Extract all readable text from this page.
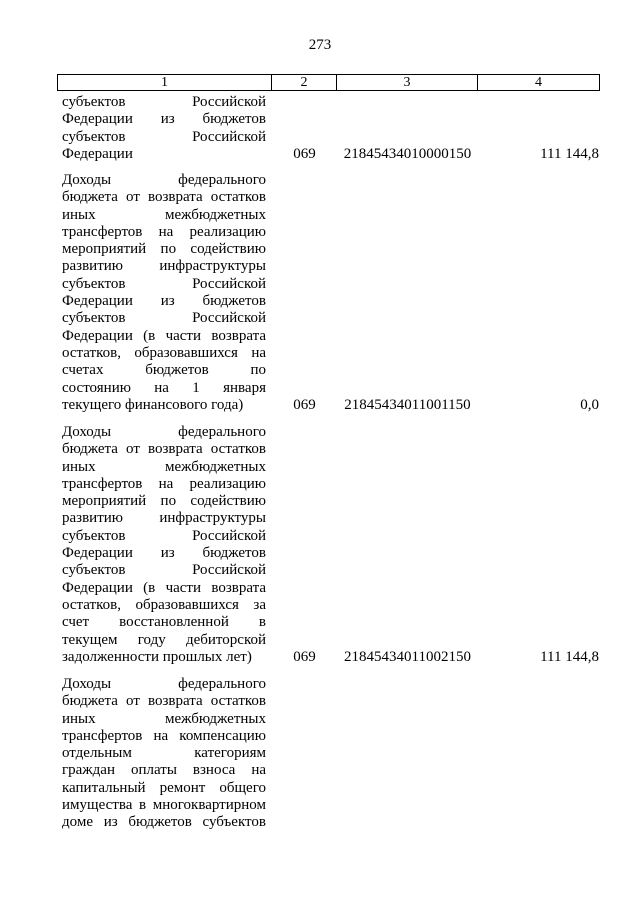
273
1	2	3	4
субъектов Российской
Федерации из бюджетов
субъектов Российской
Федерации	069	21845434010000150	111 144,8
Доходы федерального
бюджета от возврата остатков
иных межбюджетных
трансфертов на реализацию
мероприятий по содействию
развитию инфраструктуры
субъектов Российской
Федерации из бюджетов
субъектов Российской
Федерации (в части возврата
остатков, образовавшихся на
счетах бюджетов по
состоянию на 1 января
текущего финансового года)	069	21845434011001150	0,0
Доходы федерального
бюджета от возврата остатков
иных межбюджетных
трансфертов на реализацию
мероприятий по содействию
развитию инфраструктуры
субъектов Российской
Федерации из бюджетов
субъектов Российской
Федерации (в части возврата
остатков, образовавшихся за
счет восстановленной в
текущем году дебиторской
задолженности прошлых лет)	069	21845434011002150	111 144,8
Доходы федерального
бюджета от возврата остатков
иных межбюджетных
трансфертов на компенсацию
отдельным категориям
граждан оплаты взноса на
капитальный ремонт общего
имущества в многоквартирном
доме из бюджетов субъектов
